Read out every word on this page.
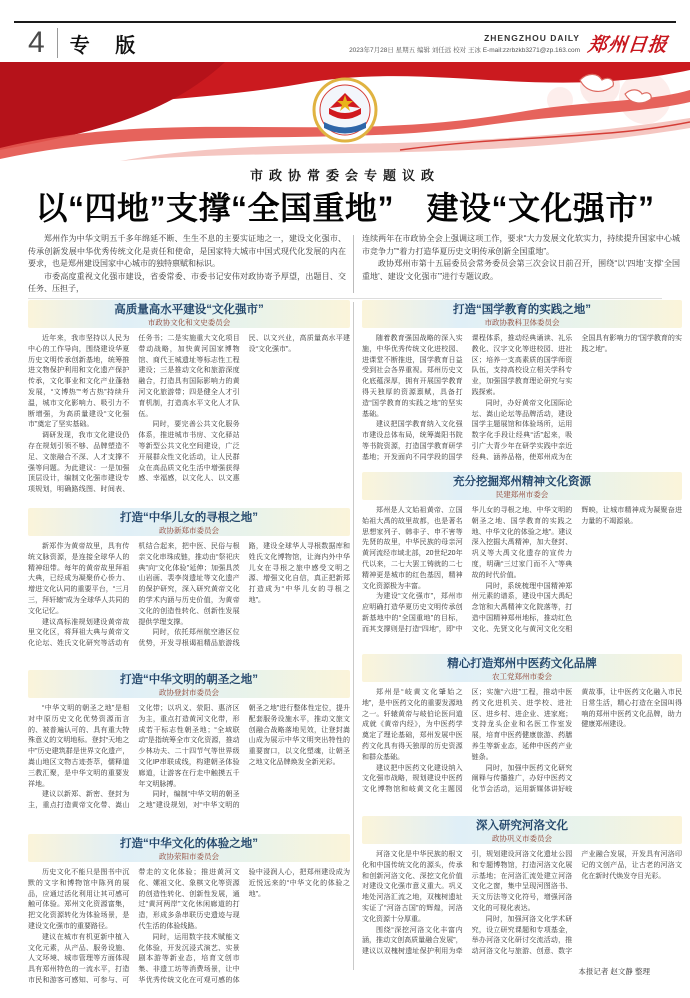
4	专 版	ZHENGZHOU DAILY
2023年7月28日 星期五 编辑 刘任远 校对 王冰 E-mail:zzrbzkb3271@zp.163.com 郑州日报
市政协常委会专题议政
以“四地”支撑“全国重地”　建设“文化强市”

郑州作为中华文明五千多年绵延不断、生生不息的主要实证地之一，建设文化强市、传承创新发展中华优秀传统文化是责任和使命，是国家特大城市中国式现代化发展的内在要求，也是郑州建设国家中心城市的独特禀赋和标识。

市委高度重视文化强市建设，省委常委、市委书记安伟对政协寄予厚望，出题目、交任务、压担子，

连续两年在市政协全会上强调这项工作，要求“大力发展文化软实力，持续提升国家中心城市竞争力”“着力打造华夏历史文明传承创新全国重地”。

政协郑州市第十五届委员会常务委员会第三次会议日前召开，围绕“以‘四地’支撑‘全国重地’、建设‘文化强市’”进行专题议政。

高质量高水平建设“文化强市”
市政协文化和文史委员会

近年来，我市坚持以人民为中心的工作导向，围绕建设华夏历史文明传承创新基地，统筹推进文物保护利用和文化遗产保护传承，文化事业和文化产业蓬勃发展，“文博热”“考古热”持续升温，城市文化影响力、吸引力不断增强，为高质量建设“文化强市”奠定了坚实基础。

调研发现，我市文化建设仍存在规划引领不够、品牌塑造不足、文旅融合不深、人才支撑不强等问题。为此建议：一是加强顶层设计，编制文化强市建设专项规划，明确路线图、时间表、任务书；二是实施重大文化项目带动战略，加快黄河国家博物馆、商代王城遗址等标志性工程建设；三是推动文化和旅游深度融合，打造具有国际影响力的黄河文化旅游带；四是健全人才引育机制，打造高水平文化人才队伍。

同时，要完善公共文化服务体系，推进城市书房、文化驿站等新型公共文化空间建设，广泛开展群众性文化活动，让人民群众在高品质文化生活中增强获得感、幸福感，以文化人、以文惠民、以文兴业，高质量高水平建设“文化强市”。

打造“中华儿女的寻根之地”
政协新郑市委员会

新郑作为黄帝故里，具有传统文脉资源，是连接全球华人的精神纽带。每年的黄帝故里拜祖大典，已经成为凝聚侨心侨力、增进文化认同的重要平台，“三月三，拜轩辕”成为全球华人共同的文化记忆。

建议高标准规划建设黄帝故里文化区，将拜祖大典与黄帝文化论坛、姓氏文化研究等活动有机结合起来，把中医、民俗与根亲文化串珠成链，推动由“祭祀庆典”向“文化体验”延伸；加强具茨山岩画、裴李岗遗址等文化遗产的保护研究，深入研究黄帝文化的学术内涵与历史价值，为黄帝文化的创造性转化、创新性发展提供学理支撑。

同时，依托郑州航空港区位优势，开发寻根谒祖精品旅游线路，建设全球华人寻根数据库和姓氏文化博物馆，让海内外中华儿女在寻根之旅中感受文明之源、增强文化自信，真正把新郑打造成为“中华儿女的寻根之地”。

打造“中华文明的朝圣之地”
政协登封市委员会

“中华文明的朝圣之地”是相对中原历史文化优势资源而言的、被普遍认可的、具有重大特殊意义的文明地标。登封“天地之中”历史建筑群是世界文化遗产，嵩山地区文物古迹荟萃，儒释道三教汇聚，是中华文明的重要发祥地。

建议以新郑、新密、登封为主，重点打造黄帝文化带、嵩山文化带；以巩义、荥阳、惠济区为主，重点打造黄河文化带，形成若干标志性朝圣地；“全域联动”是指统筹全市文化资源，推动少林功夫、二十四节气等世界级文化IP串联成线，构建朝圣体验廊道，让游客在行走中触摸五千年文明脉搏。

同时，编制“中华文明的朝圣之地”建设规划，对“中华文明的朝圣之地”进行整体性定位，提升配套服务设施水平，推动文旅文创融合战略落地见效，让登封嵩山成为展示中华文明突出特性的重要窗口，以文化塑魂，让朝圣之地文化品牌焕发全新光彩。

打造“中华文化的体验之地”
政协荥阳市委员会

历史文化不能只是图书中沉默的文字和博物馆中陈列的展品，应通过活化利用让其可感可触可体验。郑州文化资源富集，把文化资源转化为体验场景，是建设文化强市的重要路径。

建议在城市有机更新中植入文化元素，从产品、服务设施、人文环境、城市管理等方面体现具有郑州特色的一流水平，打造市民和游客可感知、可参与、可带走的文化体验；推进黄河文化、嫘祖文化、象棋文化等资源的创造性转化、创新性发展，通过“黄河两岸”文化休闲廊道的打造，形成多条串联历史遗迹与现代生活的体验线路。

同时，运用数字技术赋能文化体验，开发沉浸式演艺、实景剧本游等新业态，培育文创市集、非遗工坊等消费场景，让中华优秀传统文化在可观可感的体验中浸润人心，把郑州建设成为近悦远来的“中华文化的体验之地”。

打造“国学教育的实践之地”
市政协教科卫体委员会

随着教育强国战略的深入实施，中华优秀传统文化进校园、进课堂不断推进，国学教育日益受到社会各界重视。郑州历史文化底蕴深厚，拥有开展国学教育得天独厚的资源禀赋，具备打造“国学教育的实践之地”的坚实基础。

建议把国学教育纳入文化强市建设总体布局，统筹嵩阳书院等书院资源，打造国学教育研学基地；开发面向不同学段的国学课程体系，推动经典诵读、礼乐教化、汉字文化等进校园、进社区；培养一支高素质的国学师资队伍，支持高校设立相关学科专业，加强国学教育理论研究与实践探索。

同时，办好黄帝文化国际论坛、嵩山论坛等品牌活动，建设国学主题展馆和体验场所，运用数字化手段让经典“活”起来，吸引广大青少年在研学实践中亲近经典、涵养品格，使郑州成为在全国具有影响力的“国学教育的实践之地”。

充分挖掘郑州精神文化资源
民建郑州市委会

郑州是人文始祖黄帝、立国始祖大禹的故里故都，也是著名思想家列子、韩非子、申不害等先贤的故里，中华民族的母亲河黄河流经市域北部，20世纪20年代以来，二七大罢工铸就的二七精神更是城市的红色基因，精神文化资源极为丰富。

为建设“文化强市”，郑州市应明确打造华夏历史文明传承创新基地中的“全国重地”的目标，而其支撑则是打造“四地”，即“中华儿女的寻根之地、中华文明的朝圣之地、国学教育的实践之地、中华文化的体验之地”。建议深入挖掘大禹精神，加大登封、巩义等大禹文化遗存的宣传力度，明确“三过家门而不入”等典故的时代价值。

同时，系统梳理中国精神郑州元素的谱系，建设中国大禹纪念馆和大禹精神文化院落等，打造中国精神郑州地标，推动红色文化、先贤文化与黄河文化交相辉映，让城市精神成为凝聚奋进力量的不竭源泉。

精心打造郑州中医药文化品牌
农工党郑州市委会

郑州是“岐黄文化肇始之地”，是中医药文化的重要发源地之一。轩辕黄帝与岐伯论医问道成就《黄帝内经》，为中医药学奠定了理论基础，郑州发展中医药文化具有得天独厚的历史资源和群众基础。

建议把中医药文化建设纳入文化强市战略，规划建设中医药文化博物馆和岐黄文化主题园区；实施“六进”工程，推动中医药文化进机关、进学校、进社区、进乡村、进企业、进家庭；支持龙头企业和名医工作室发展，培育中医药健康旅游、药膳养生等新业态，延伸中医药产业链条。

同时，加强中医药文化研究阐释与传播推广，办好中医药文化节会活动，运用新媒体讲好岐黄故事，让中医药文化融入市民日常生活，精心打造在全国叫得响的郑州中医药文化品牌，助力健康郑州建设。

深入研究河洛文化
政协巩义市委员会

河洛文化是中华民族的根文化和中国传统文化的源头，传承和创新河洛文化、深挖文化价值对建设文化强市意义重大。巩义地处河洛汇流之地，双槐树遗址实证了“河洛古国”的辉煌，河洛文化资源十分厚重。

围绕“深挖河洛文化丰富内涵，推动文创高质量融合发展”，建议以双槐树遗址保护利用为牵引，规划建设河洛文化遗址公园和专题博物馆，打造河洛文化展示基地；在河洛汇流处建立河洛文化之窗，集中呈现河图洛书、天文历法等文化符号，增强河洛文化的可视化表达。

同时，加强河洛文化学术研究，设立研究课题和专项基金，举办河洛文化研讨交流活动，推动河洛文化与旅游、创意、数字产业融合发展，开发具有河洛印记的文创产品，让古老的河洛文化在新时代焕发夺目光彩。

本报记者 赵文静 整理
